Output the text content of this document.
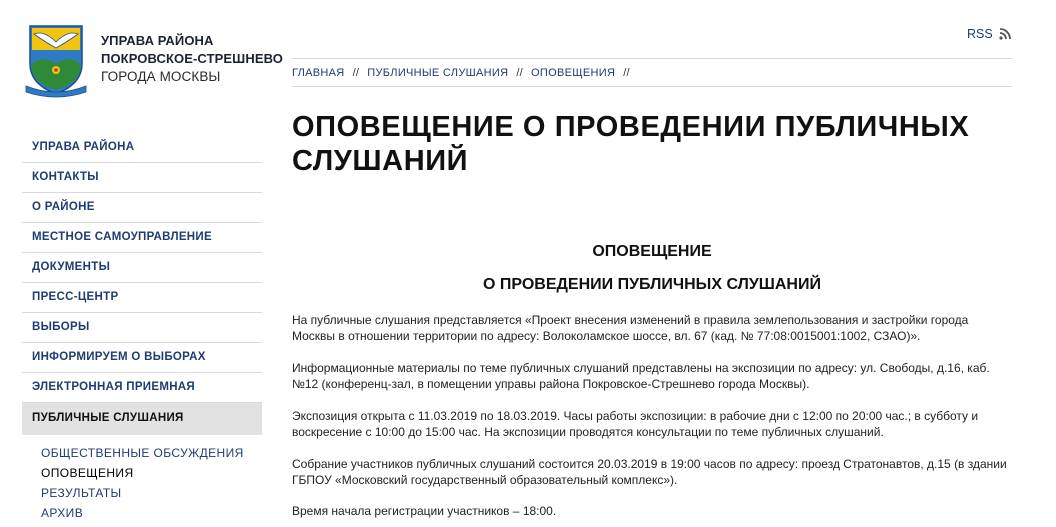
УПРАВА РАЙОНА
ПОКРОВСКОЕ-СТРЕШНЕВО
ГОРОДА МОСКВЫ
RSS
ГЛАВНАЯ // ПУБЛИЧНЫЕ СЛУШАНИЯ // ОПОВЕЩЕНИЯ //
УПРАВА РАЙОНА
КОНТАКТЫ
О РАЙОНЕ
МЕСТНОЕ САМОУПРАВЛЕНИЕ
ДОКУМЕНТЫ
ПРЕСС-ЦЕНТР
ВЫБОРЫ
ИНФОРМИРУЕМ О ВЫБОРАХ
ЭЛЕКТРОННАЯ ПРИЕМНАЯ
ПУБЛИЧНЫЕ СЛУШАНИЯ
ОБЩЕСТВЕННЫЕ ОБСУЖДЕНИЯ
ОПОВЕЩЕНИЯ
РЕЗУЛЬТАТЫ
АРХИВ
ОПОВЕЩЕНИЕ О ПРОВЕДЕНИИ ПУБЛИЧНЫХ СЛУШАНИЙ
ОПОВЕЩЕНИЕ
О ПРОВЕДЕНИИ ПУБЛИЧНЫХ СЛУШАНИЙ

На публичные слушания представляется «Проект внесения изменений в правила землепользования и застройки города Москвы в отношении территории по адресу: Волоколамское шоссе, вл. 67 (кад. № 77:08:0015001:1002, СЗАО)».

Информационные материалы по теме публичных слушаний представлены на экспозиции по адресу: ул. Свободы, д.16, каб. №12 (конференц-зал, в помещении управы района Покровское-Стрешнево города Москвы).

Экспозиция открыта с 11.03.2019 по 18.03.2019. Часы работы экспозиции: в рабочие дни с 12:00 по 20:00 час.; в субботу и воскресение с 10:00 до 15:00 час. На экспозиции проводятся консультации по теме публичных слушаний.

Собрание участников публичных слушаний состоится 20.03.2019 в 19:00 часов по адресу: проезд Стратонавтов, д.15 (в здании ГБПОУ «Московский государственный образовательный комплекс»).

Время начала регистрации участников – 18:00.
